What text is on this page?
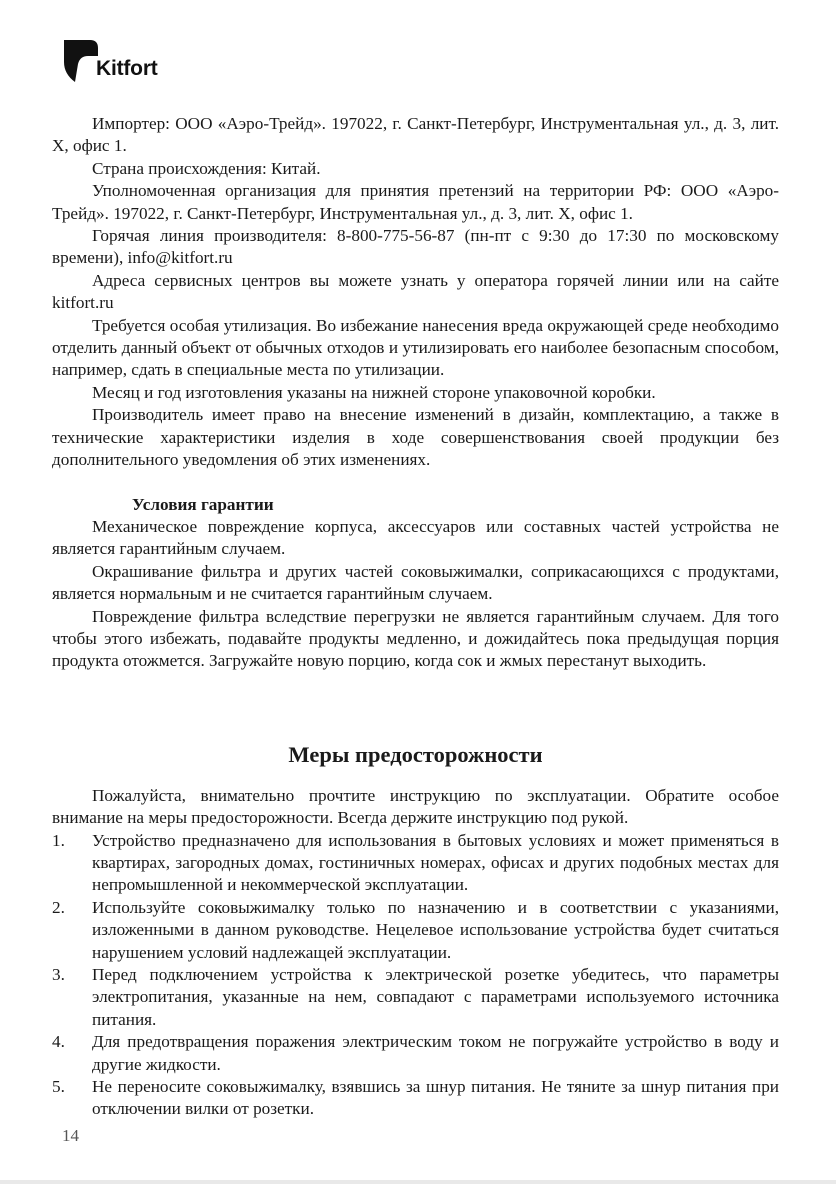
Kitfort

Импортер: ООО «Аэро-Трейд». 197022, г. Санкт-Петербург, Инструментальная ул., д. 3, лит. Х, офис 1.

Страна происхождения: Китай.

Уполномоченная организация для принятия претензий на территории РФ: ООО «Аэро-Трейд». 197022, г. Санкт-Петербург, Инструментальная ул., д. 3, лит. Х, офис 1.

Горячая линия производителя: 8-800-775-56-87 (пн-пт с 9:30 до 17:30 по московскому времени), info@kitfort.ru

Адреса сервисных центров вы можете узнать у оператора горячей линии или на сайте kitfort.ru

Требуется особая утилизация. Во избежание нанесения вреда окружающей среде необходимо отделить данный объект от обычных отходов и утилизировать его наиболее безопасным способом, например, сдать в специальные места по утилизации.

Месяц и год изготовления указаны на нижней стороне упаковочной коробки.

Производитель имеет право на внесение изменений в дизайн, комплектацию, а также в технические характеристики изделия в ходе совершенствования своей продукции без дополнительного уведомления об этих изменениях.

Условия гарантии

Механическое повреждение корпуса, аксессуаров или составных частей устройства не является гарантийным случаем.

Окрашивание фильтра и других частей соковыжималки, соприкасающихся с продуктами, является нормальным и не считается гарантийным случаем.

Повреждение фильтра вследствие перегрузки не является гарантийным случаем. Для того чтобы этого избежать, подавайте продукты медленно, и дожидайтесь пока предыдущая порция продукта отожмется. Загружайте новую порцию, когда сок и жмых перестанут выходить.

Меры предосторожности

Пожалуйста, внимательно прочтите инструкцию по эксплуатации. Обратите особое внимание на меры предосторожности. Всегда держите инструкцию под рукой.

1.	Устройство предназначено для использования в бытовых условиях и может применяться в квартирах, загородных домах, гостиничных номерах, офисах и других подобных местах для непромышленной и некоммерческой эксплуатации.
2.	Используйте соковыжималку только по назначению и в соответствии с указаниями, изложенными в данном руководстве. Нецелевое использование устройства будет считаться нарушением условий надлежащей эксплуатации.
3.	Перед подключением устройства к электрической розетке убедитесь, что параметры электропитания, указанные на нем, совпадают с параметрами используемого источника питания.
4.	Для предотвращения поражения электрическим током не погружайте устройство в воду и другие жидкости.
5.	Не переносите соковыжималку, взявшись за шнур питания. Не тяните за шнур питания при отключении вилки от розетки.
14
